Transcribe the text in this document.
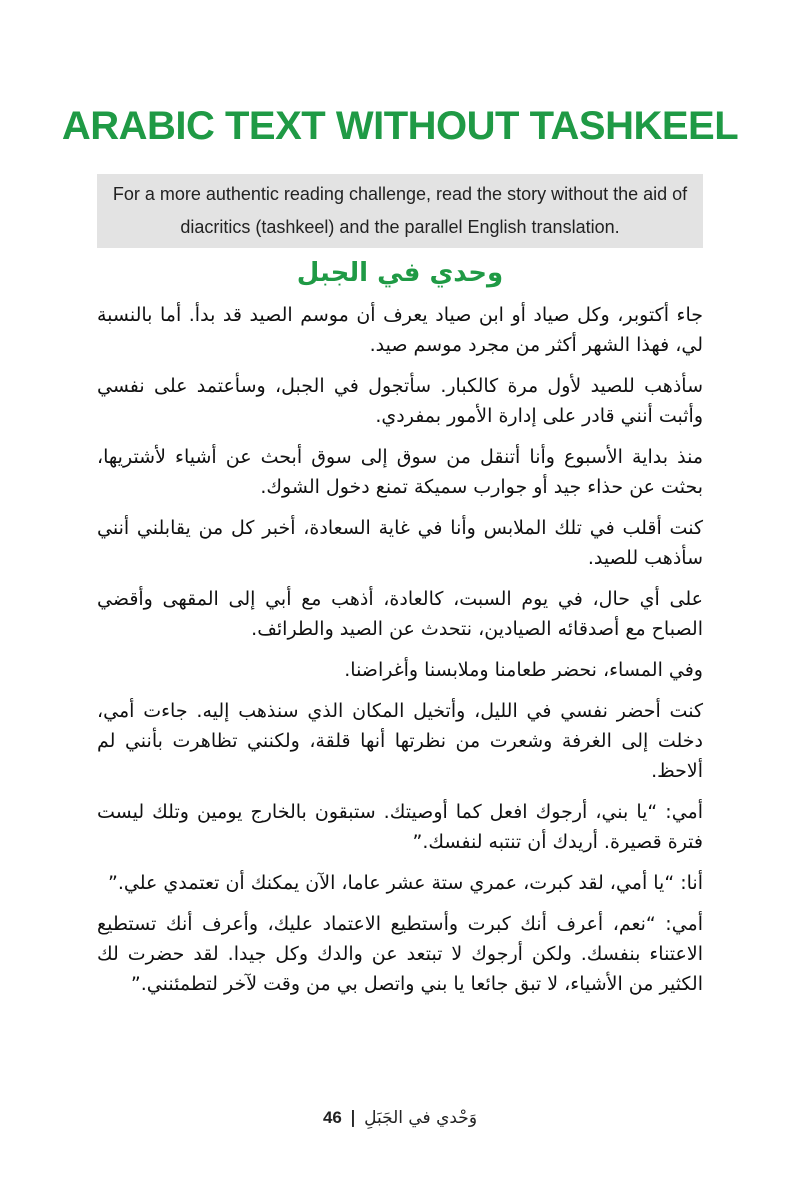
ARABIC TEXT WITHOUT TASHKEEL
For a more authentic reading challenge, read the story without the aid of diacritics (tashkeel) and the parallel English translation.
وحدي في الجبل

جاء أكتوبر، وكل صياد أو ابن صياد يعرف أن موسم الصيد قد بدأ. أما بالنسبة لي، فهذا الشهر أكثر من مجرد موسم صيد.

سأذهب للصيد لأول مرة كالكبار. سأتجول في الجبل، وسأعتمد على نفسي وأثبت أنني قادر على إدارة الأمور بمفردي.

منذ بداية الأسبوع وأنا أتنقل من سوق إلى سوق أبحث عن أشياء لأشتريها، بحثت عن حذاء جيد أو جوارب سميكة تمنع دخول الشوك.

كنت أقلب في تلك الملابس وأنا في غاية السعادة، أخبر كل من يقابلني أنني سأذهب للصيد.

على أي حال، في يوم السبت، كالعادة، أذهب مع أبي إلى المقهى وأقضي الصباح مع أصدقائه الصيادين، نتحدث عن الصيد والطرائف.

وفي المساء، نحضر طعامنا وملابسنا وأغراضنا.

كنت أحضر نفسي في الليل، وأتخيل المكان الذي سنذهب إليه. جاءت أمي، دخلت إلى الغرفة وشعرت من نظرتها أنها قلقة، ولكنني تظاهرت بأنني لم ألاحظ.

أمي: “يا بني، أرجوك افعل كما أوصيتك. ستبقون بالخارج يومين وتلك ليست فترة قصيرة. أريدك أن تنتبه لنفسك.”

أنا: “يا أمي، لقد كبرت، عمري ستة عشر عاما، الآن يمكنك أن تعتمدي علي.”

أمي: “نعم، أعرف أنك كبرت وأستطيع الاعتماد عليك، وأعرف أنك تستطيع الاعتناء بنفسك. ولكن أرجوك لا تبتعد عن والدك وكل جيدا. لقد حضرت لك الكثير من الأشياء، لا تبق جائعا يا بني واتصل بي من وقت لآخر لتطمئنني.”

46 | وَحْدي في الجَبَلِ
